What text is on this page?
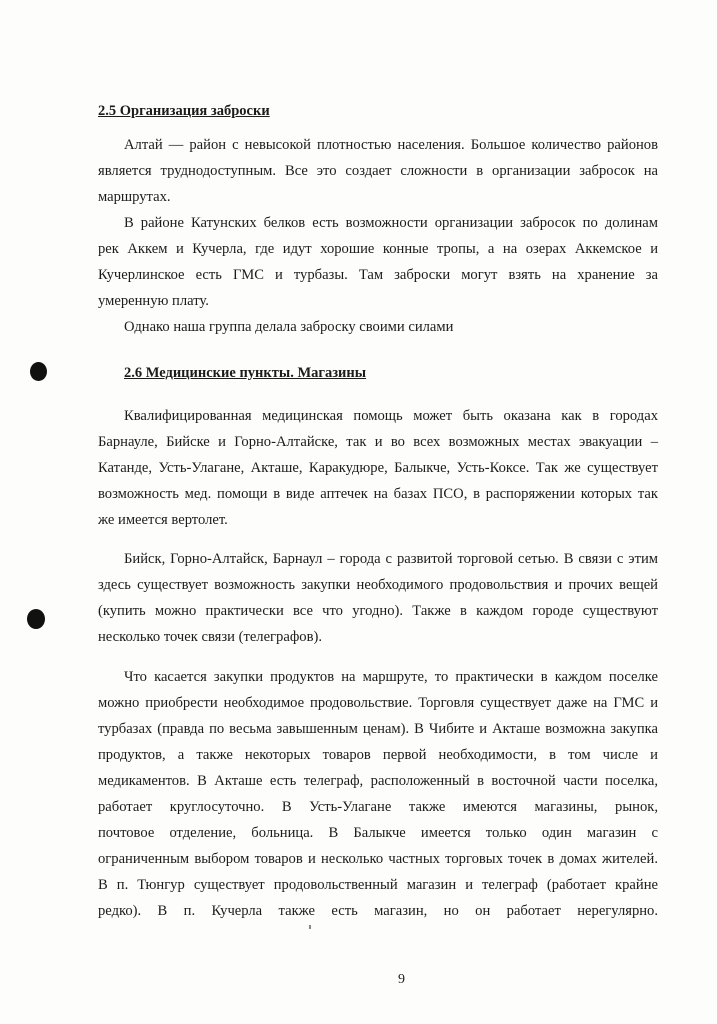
2.5 Организация заброски
Алтай — район с невысокой плотностью населения. Большое количество районов
является труднодоступным. Все это создает сложности в организации забросок на
маршрутах.
В районе Катунских белков есть возможности организации забросок по долинам
рек Аккем и Кучерла, где идут хорошие конные тропы, а на озерах Аккемское и
Кучерлинское есть ГМС и турбазы. Там заброски могут взять на хранение за
умеренную плату.
Однако наша группа делала заброску своими силами
2.6 Медицинские пункты. Магазины
Квалифицированная медицинская помощь может быть оказана как в городах
Барнауле, Бийске и Горно-Алтайске, так и во всех возможных местах эвакуации –
Катанде, Усть-Улагане, Акташе, Каракудюре, Балыкче, Усть-Коксе. Так же существует
возможность мед. помощи в виде аптечек на базах ПСО, в распоряжении которых так
же имеется вертолет.
Бийск, Горно-Алтайск, Барнаул – города с развитой торговой сетью. В связи с этим
здесь существует возможность закупки необходимого продовольствия и прочих вещей
(купить можно практически все что угодно). Также в каждом городе существуют
несколько точек связи (телеграфов).
Что касается закупки продуктов на маршруте, то практически в каждом поселке
можно приобрести необходимое продовольствие. Торговля существует даже на ГМС и
турбазах (правда по весьма завышенным ценам). В Чибите и Акташе возможна закупка
продуктов, а также некоторых товаров первой необходимости, в том числе и
медикаментов. В Акташе есть телеграф, расположенный в восточной части поселка,
работает круглосуточно. В Усть-Улагане также имеются магазины, рынок,
почтовое отделение, больница. В Балыкче имеется только один магазин с
ограниченным выбором товаров и несколько частных торговых точек в домах жителей.
В п. Тюнгур существует продовольственный магазин и телеграф (работает крайне
редко). В п. Кучерла также есть магазин, но он работает нерегулярно.
9
